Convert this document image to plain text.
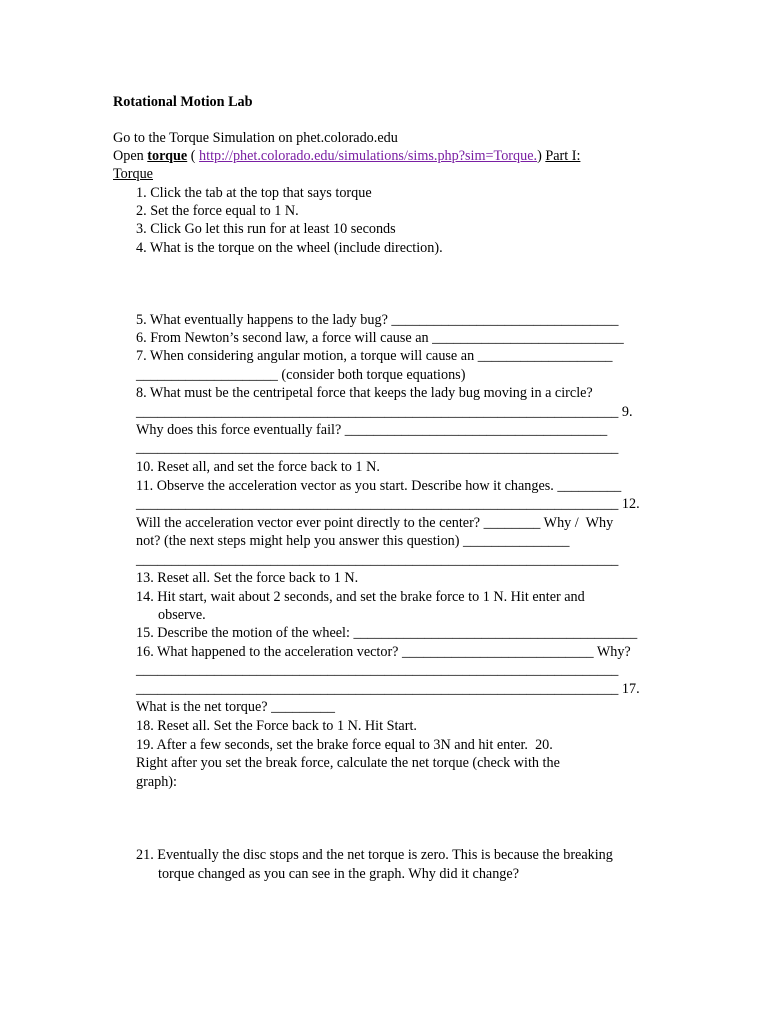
Rotational Motion Lab
Go to the Torque Simulation on phet.colorado.edu
Open torque ( http://phet.colorado.edu/simulations/sims.php?sim=Torque.) Part I:
Torque
1. Click the tab at the top that says torque
2. Set the force equal to 1 N.
3. Click Go let this run for at least 10 seconds
4. What is the torque on the wheel (include direction).
5. What eventually happens to the lady bug? ________________________________
6. From Newton’s second law, a force will cause an ___________________________
7. When considering angular motion, a torque will cause an ___________________
____________________ (consider both torque equations)
8. What must be the centripetal force that keeps the lady bug moving in a circle?
____________________________________________________________________ 9.
Why does this force eventually fail? _____________________________________
____________________________________________________________________
10. Reset all, and set the force back to 1 N.
11. Observe the acceleration vector as you start. Describe how it changes. _________
____________________________________________________________________ 12.
Will the acceleration vector ever point directly to the center? ________ Why /  Why
not? (the next steps might help you answer this question) _______________
____________________________________________________________________
13. Reset all. Set the force back to 1 N.
14. Hit start, wait about 2 seconds, and set the brake force to 1 N. Hit enter and
observe.
15. Describe the motion of the wheel: ________________________________________
16. What happened to the acceleration vector? ___________________________ Why?
____________________________________________________________________
____________________________________________________________________ 17.
What is the net torque? _________
18. Reset all. Set the Force back to 1 N. Hit Start.
19. After a few seconds, set the brake force equal to 3N and hit enter.  20.
Right after you set the break force, calculate the net torque (check with the
graph):
21. Eventually the disc stops and the net torque is zero. This is because the breaking
torque changed as you can see in the graph. Why did it change?
